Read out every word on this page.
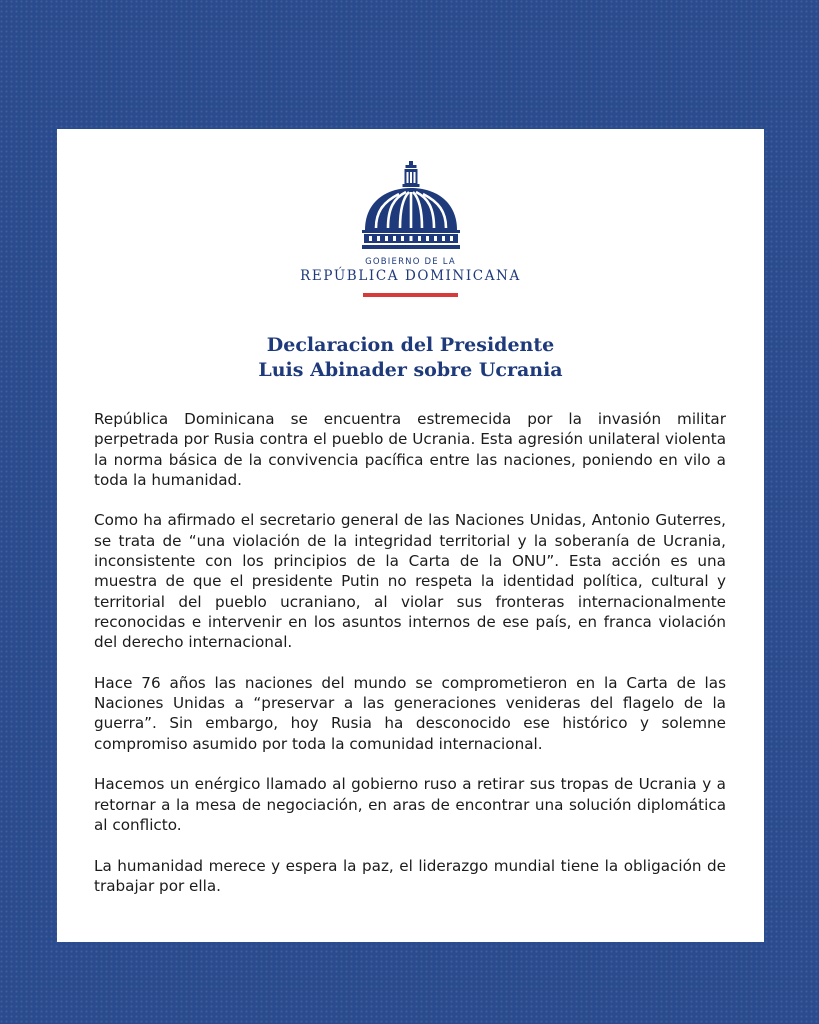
GOBIERNO DE LA
REPÚBLICA DOMINICANA
Declaracion del Presidente
Luis Abinader sobre Ucrania

República Dominicana se encuentra estremecida por la invasión militar perpetrada por Rusia contra el pueblo de Ucrania. Esta agresión unilateral violenta la norma básica de la convivencia pacífica entre las naciones, poniendo en vilo a toda la humanidad.

Como ha afirmado el secretario general de las Naciones Unidas, Antonio Guterres, se trata de “una violación de la integridad territorial y la soberanía de Ucrania, inconsistente con los principios de la Carta de la ONU”. Esta acción es una muestra de que el presidente Putin no respeta la identidad política, cultural y territorial del pueblo ucraniano, al violar sus fronteras internacionalmente reconocidas e intervenir en los asuntos internos de ese país, en franca violación del derecho internacional.

Hace 76 años las naciones del mundo se comprometieron en la Carta de las Naciones Unidas a “preservar a las generaciones venideras del flagelo de la guerra”. Sin embargo, hoy Rusia ha desconocido ese histórico y solemne compromiso asumido por toda la comunidad internacional.

Hacemos un enérgico llamado al gobierno ruso a retirar sus tropas de Ucrania y a retornar a la mesa de negociación, en aras de encontrar una solución diplomática al conflicto.

La humanidad merece y espera la paz, el liderazgo mundial tiene la obligación de trabajar por ella.
